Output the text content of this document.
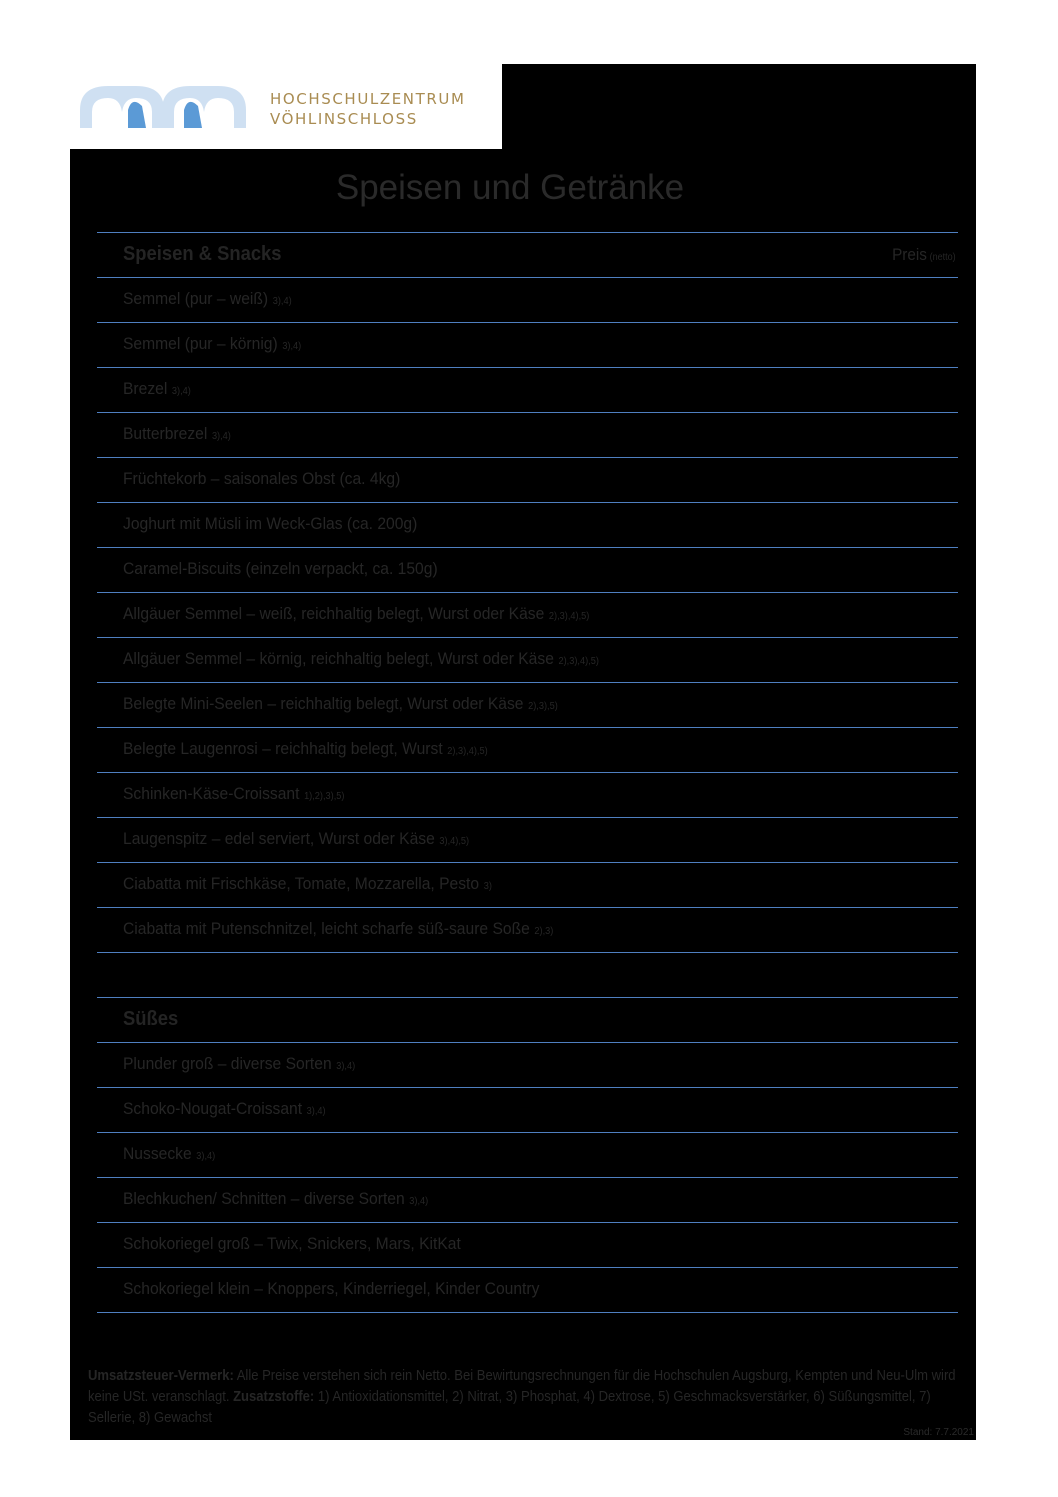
HOCHSCHULZENTRUM
VÖHLINSCHLOSS
Speisen und Getränke
Speisen & Snacks	Preis (netto)
Semmel (pur – weiß) 3),4)
Semmel (pur – körnig) 3),4)
Brezel 3),4)
Butterbrezel 3),4)
Früchtekorb – saisonales Obst (ca. 4kg)
Joghurt mit Müsli im Weck-Glas (ca. 200g)
Caramel-Biscuits (einzeln verpackt, ca. 150g)
Allgäuer Semmel – weiß, reichhaltig belegt, Wurst oder Käse 2),3),4),5)
Allgäuer Semmel – körnig, reichhaltig belegt, Wurst oder Käse 2),3),4),5)
Belegte Mini-Seelen – reichhaltig belegt, Wurst oder Käse 2),3),5)
Belegte Laugenrosi – reichhaltig belegt, Wurst 2),3),4),5)
Schinken-Käse-Croissant 1),2),3),5)
Laugenspitz – edel serviert, Wurst oder Käse 3),4),5)
Ciabatta mit Frischkäse, Tomate, Mozzarella, Pesto 3)
Ciabatta mit Putenschnitzel, leicht scharfe süß-saure Soße 2),3)
Süßes
Plunder groß – diverse Sorten 3),4)
Schoko-Nougat-Croissant 3),4)
Nussecke 3),4)
Blechkuchen/ Schnitten – diverse Sorten 3),4)
Schokoriegel groß – Twix, Snickers, Mars, KitKat
Schokoriegel klein – Knoppers, Kinderriegel, Kinder Country

Umsatzsteuer-Vermerk: Alle Preise verstehen sich rein Netto. Bei Bewirtungsrechnungen für die Hochschulen Augsburg, Kempten und Neu-Ulm wird keine USt. veranschlagt. Zusatzstoffe: 1) Antioxidationsmittel, 2) Nitrat, 3) Phosphat, 4) Dextrose, 5) Geschmacksverstärker, 6) Süßungsmittel, 7) Sellerie, 8) Gewachst

Stand: 7.7.2021
